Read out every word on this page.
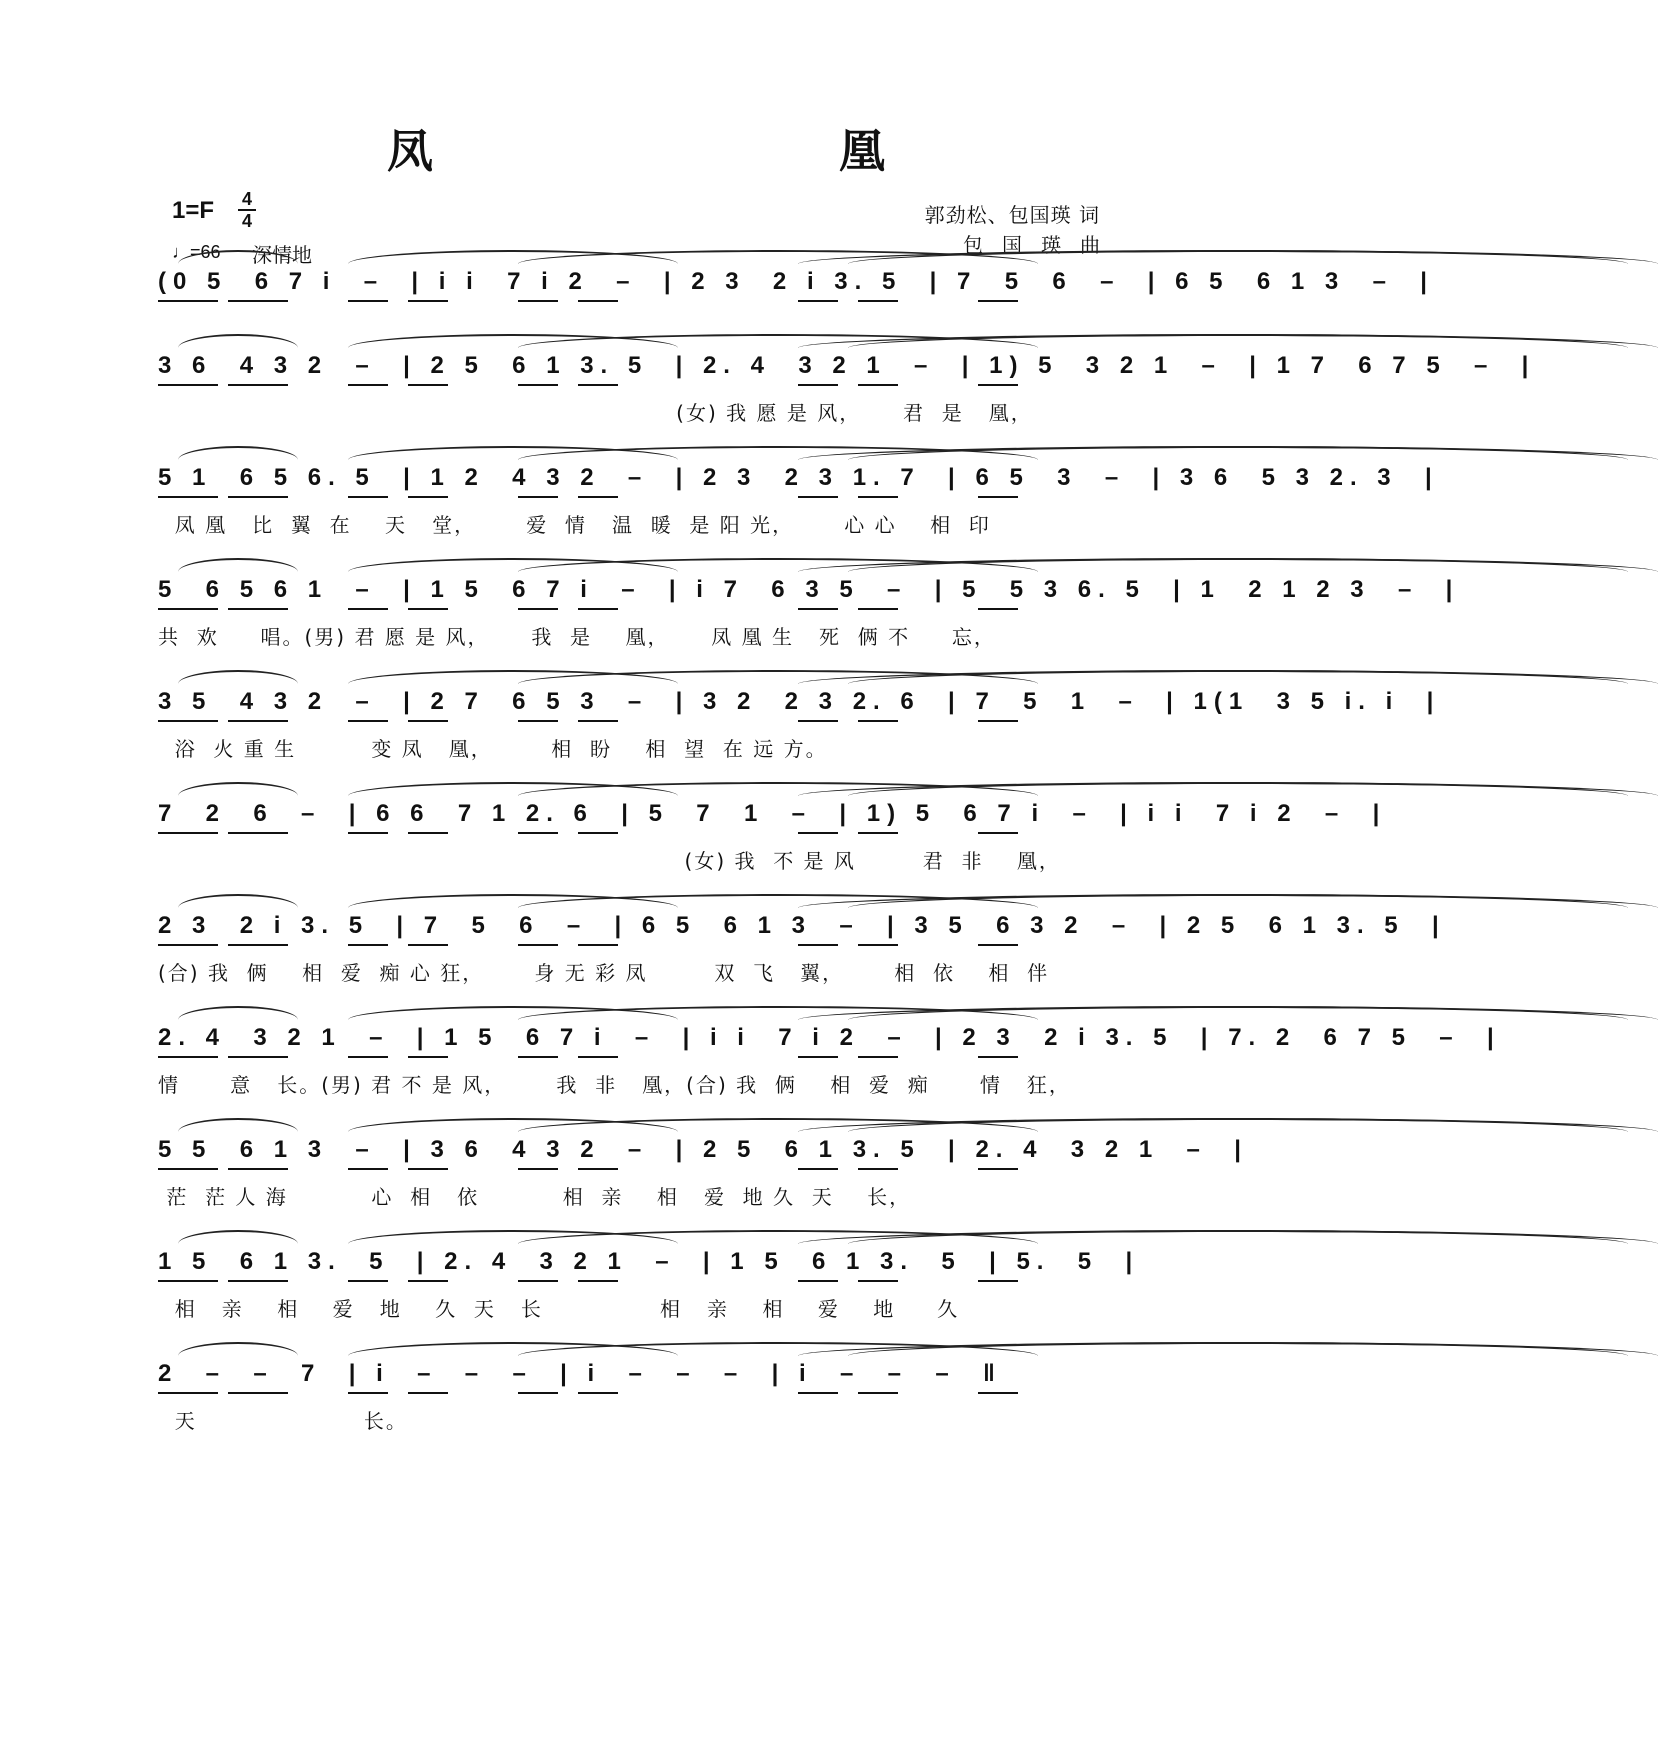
凤　凰
1=F 4
4
♩=66 深情地
郭劲松、包国瑛 词
包国瑛曲
(0 5  6 7 i  –  | i i  7 i 2  –  | 2 3  2 i 3. 5  | 7  5  6  –  | 6 5  6 1 3  –  |
3 6  4 3 2  –  | 2 5  6 1 3. 5  | 2. 4  3 2 1  –  | 1) 5  3 2 1  –  | 1 7  6 7 5  –  |
(女) 我 愿 是 风，     君  是   凰，
5 1  6 5 6. 5  | 1 2  4 3 2  –  | 2 3  2 3 1. 7  | 6 5  3  –  | 3 6  5 3 2. 3  |
凤 凰   比  翼  在    天   堂，      爱  情   温  暖  是 阳 光，      心 心    相  印
5  6 5 6 1  –  | 1 5  6 7 i  –  | i 7  6 3 5  –  | 5  5 3 6. 5  | 1  2 1 2 3  –  |
共  欢     唱。(男) 君 愿 是 风，     我  是    凰，     凤 凰 生   死  俩 不     忘，
3 5  4 3 2  –  | 2 7  6 5 3  –  | 3 2  2 3 2. 6  | 7  5  1  –  | 1(1  3 5 i. i  |
浴  火 重 生         变 凤   凰，       相  盼    相  望  在 远 方。
7  2  6  –  | 6 6  7 1 2. 6  | 5  7  1  –  | 1) 5  6 7 i  –  | i i  7 i 2  –  |
(女) 我  不 是 风        君  非    凰，
2 3  2 i 3. 5  | 7  5  6  –  | 6 5  6 1 3  –  | 3 5  6 3 2  –  | 2 5  6 1 3. 5  |
(合) 我  俩    相  爱  痴 心 狂，      身 无 彩 凤        双  飞   翼，      相  依    相  伴
2. 4  3 2 1  –  | 1 5  6 7 i  –  | i i  7 i 2  –  | 2 3  2 i 3. 5  | 7. 2  6 7 5  –  |
情      意   长。(男) 君 不 是 风，      我  非   凰，(合) 我  俩    相  爱  痴      情   狂，
5 5  6 1 3  –  | 3 6  4 3 2  –  | 2 5  6 1 3. 5  | 2. 4  3 2 1  –  |
茫  茫 人 海          心  相   依          相  亲    相   爱  地 久  天    长，
1 5  6 1 3.  5  | 2. 4  3 2 1  –  | 1 5  6 1 3.  5  | 5.  5  |
相   亲    相    爱   地    久  天   长              相   亲    相    爱    地     久
2  –  –  7  | i  –  –  –  | i  –  –  –  | i  –  –  –  ‖
天                    长。
